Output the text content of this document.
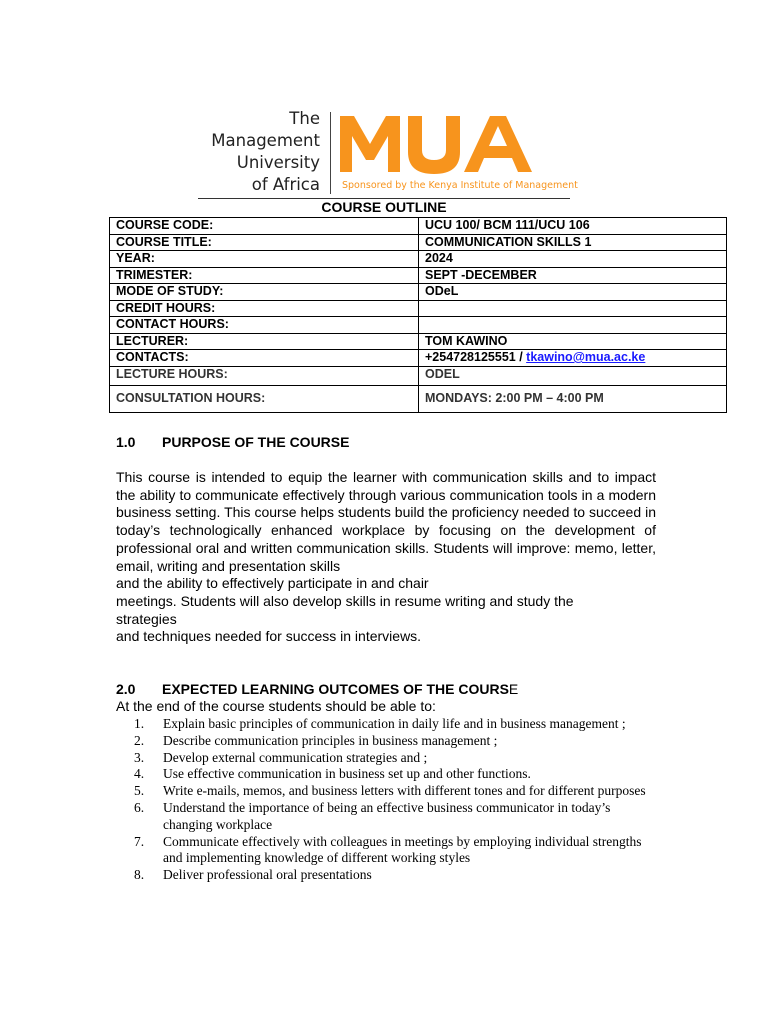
The
Management
University
of Africa Sponsored by the Kenya Institute of Management
COURSE OUTLINE
COURSE CODE:	UCU 100/ BCM 111/UCU 106
COURSE TITLE:	COMMUNICATION SKILLS 1
YEAR:	2024
TRIMESTER:	SEPT -DECEMBER
MODE OF STUDY:	ODeL
CREDIT HOURS:	
CONTACT HOURS:	
LECTURER:	TOM KAWINO
CONTACTS:	+254728125551 / tkawino@mua.ac.ke
LECTURE HOURS:	ODEL
CONSULTATION HOURS:	MONDAYS: 2:00 PM – 4:00 PM
1.0 PURPOSE OF THE COURSE

This course is intended to equip the learner with communication skills and to impact the ability to communicate effectively through various communication tools in a modern business setting. This course helps students build the proficiency needed to succeed in today’s technologically enhanced workplace by focusing on the development of professional oral and written communication skills. Students will improve: memo, letter, email, writing and presentation skills

and the ability to effectively participate in and chair
meetings. Students will also develop skills in resume writing and study the
strategies
and techniques needed for success in interviews.
2.0 EXPECTED LEARNING OUTCOMES OF THE COURSE
At the end of the course students should be able to:
1.	Explain basic principles of communication in daily life and in business management ;
2.	Describe communication principles in business management ;
3.	Develop external communication strategies and ;
4.	Use effective communication in business set up and other functions.
5.	Write e-mails, memos, and business letters with different tones and for different purposes
6.	Understand the importance of being an effective business communicator in today’s changing workplace
7.	Communicate effectively with colleagues in meetings by employing individual strengths and implementing knowledge of different working styles
8.	Deliver professional oral presentations
